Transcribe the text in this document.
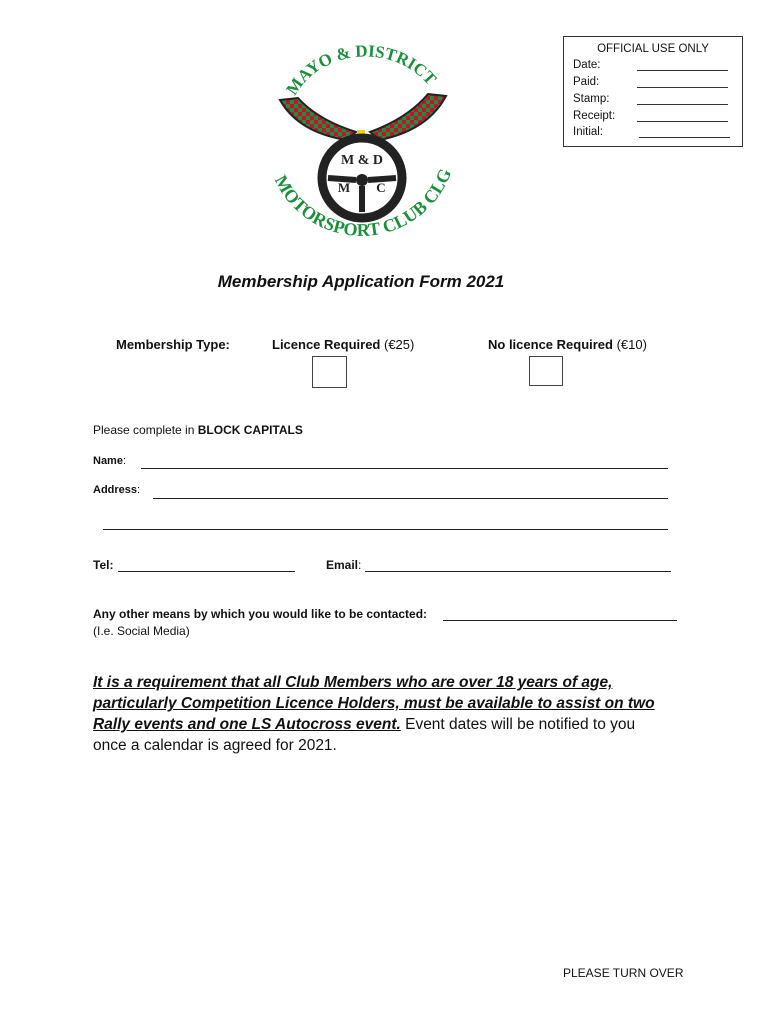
MAYO & DISTRICT
M & D
M C
MOTORSPORT CLUB CLG
OFFICIAL USE ONLY
Date:
Paid:
Stamp:
Receipt:
Initial:
Membership Application Form 2021
Membership Type:	Licence Required (€25)	No licence Required (€10)
Please complete in BLOCK CAPITALS
Name:
Address:
Tel:	Email:
Any other means by which you would like to be contacted:
(I.e. Social Media)
It is a requirement that all Club Members who are over 18 years of age, particularly Competition Licence Holders, must be available to assist on two Rally events and one LS Autocross event. Event dates will be notified to you once a calendar is agreed for 2021.
PLEASE TURN OVER
